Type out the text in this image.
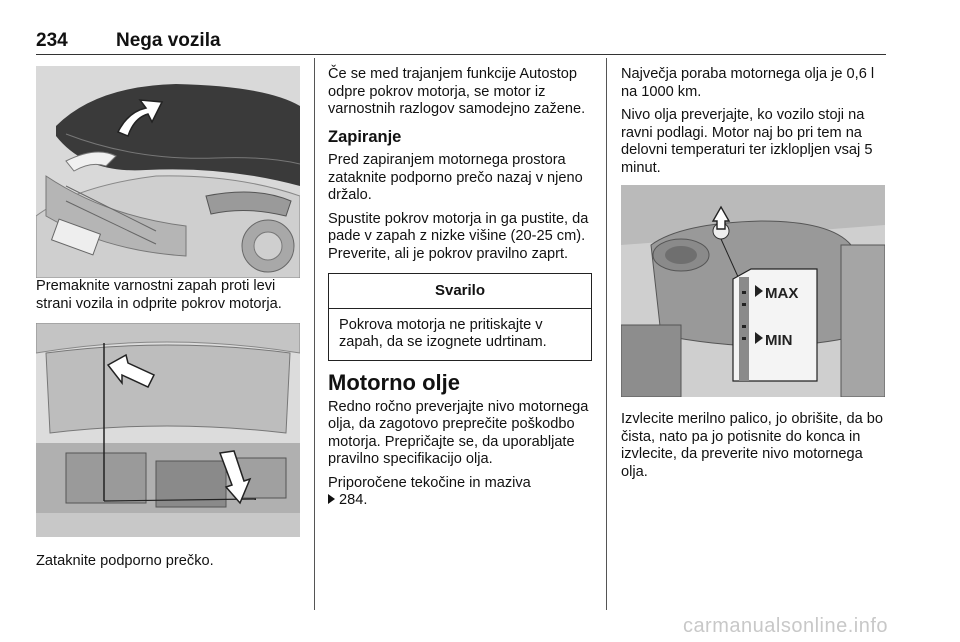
234	Nega vozila

Premaknite varnostni zapah proti levi strani vozila in odprite pokrov motorja.

Zataknite podporno prečko.

Če se med trajanjem funkcije Autostop odpre pokrov motorja, se motor iz varnostnih razlogov samodejno zažene.

Zapiranje

Pred zapiranjem motornega prostora zataknite podporno prečo nazaj v njeno držalo.

Spustite pokrov motorja in ga pustite, da pade v zapah z nizke višine (20-25 cm). Preverite, ali je pokrov pravilno zaprt.

Svarilo
Pokrova motorja ne pritiskajte v zapah, da se izognete udrtinam.
Motorno olje

Redno ročno preverjajte nivo motornega olja, da zagotovo preprečite poškodbo motorja. Prepričajte se, da uporabljate pravilno specifikacijo olja.

Priporočene tekočine in maziva

284.

Največja poraba motornega olja je 0,6 l na 1000 km.

Nivo olja preverjajte, ko vozilo stoji na ravni podlagi. Motor naj bo pri tem na delovni temperaturi ter izklopljen vsaj 5 minut.

MAX
MIN

Izvlecite merilno palico, jo obrišite, da bo čista, nato pa jo potisnite do konca in izvlecite, da preverite nivo motornega olja.

carmanualsonline.info
